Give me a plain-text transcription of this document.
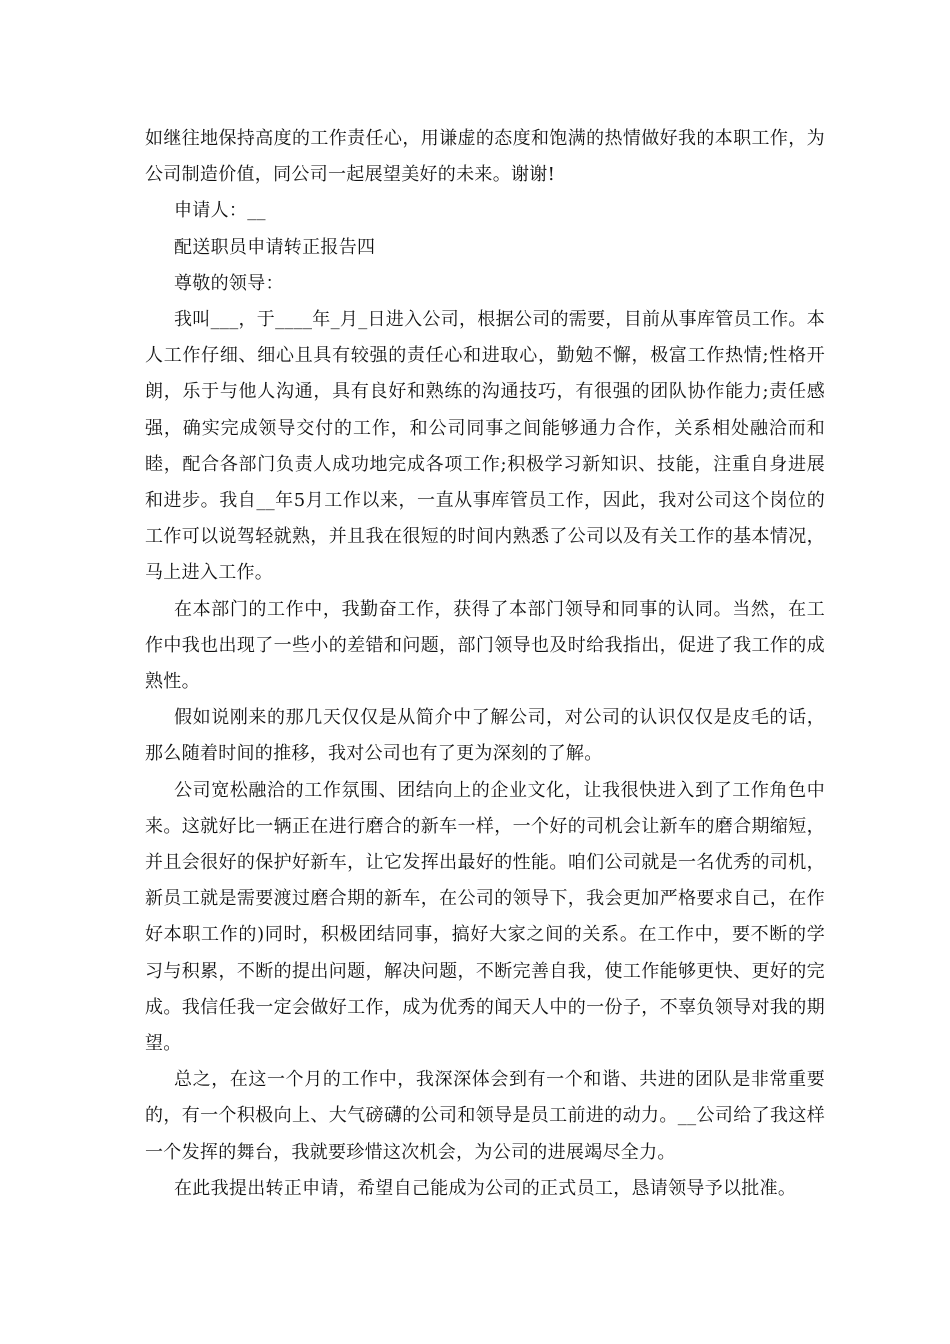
如继往地保持高度的工作责任心，用谦虚的态度和饱满的热情做好我的本职工作，为公司制造价值，同公司一起展望美好的未来。谢谢!

申请人：__

配送职员申请转正报告四

尊敬的领导：

我叫___，于____年_月_日进入公司，根据公司的需要，目前从事库管员工作。本人工作仔细、细心且具有较强的责任心和进取心，勤勉不懈，极富工作热情;性格开朗，乐于与他人沟通，具有良好和熟练的沟通技巧，有很强的团队协作能力;责任感强，确实完成领导交付的工作，和公司同事之间能够通力合作，关系相处融洽而和睦，配合各部门负责人成功地完成各项工作;积极学习新知识、技能，注重自身进展和进步。我自__年5月工作以来，一直从事库管员工作，因此，我对公司这个岗位的工作可以说驾轻就熟，并且我在很短的时间内熟悉了公司以及有关工作的基本情况，马上进入工作。

在本部门的工作中，我勤奋工作，获得了本部门领导和同事的认同。当然，在工作中我也出现了一些小的差错和问题，部门领导也及时给我指出，促进了我工作的成熟性。

假如说刚来的那几天仅仅是从简介中了解公司，对公司的认识仅仅是皮毛的话，那么随着时间的推移，我对公司也有了更为深刻的了解。

公司宽松融洽的工作氛围、团结向上的企业文化，让我很快进入到了工作角色中来。这就好比一辆正在进行磨合的新车一样，一个好的司机会让新车的磨合期缩短，并且会很好的保护好新车，让它发挥出最好的性能。咱们公司就是一名优秀的司机，新员工就是需要渡过磨合期的新车，在公司的领导下，我会更加严格要求自己，在作好本职工作的)同时，积极团结同事，搞好大家之间的关系。在工作中，要不断的学习与积累，不断的提出问题，解决问题，不断完善自我，使工作能够更快、更好的完成。我信任我一定会做好工作，成为优秀的闻天人中的一份子，不辜负领导对我的期望。

总之，在这一个月的工作中，我深深体会到有一个和谐、共进的团队是非常重要的，有一个积极向上、大气磅礴的公司和领导是员工前进的动力。__公司给了我这样一个发挥的舞台，我就要珍惜这次机会，为公司的进展竭尽全力。

在此我提出转正申请，希望自己能成为公司的正式员工，恳请领导予以批准。
